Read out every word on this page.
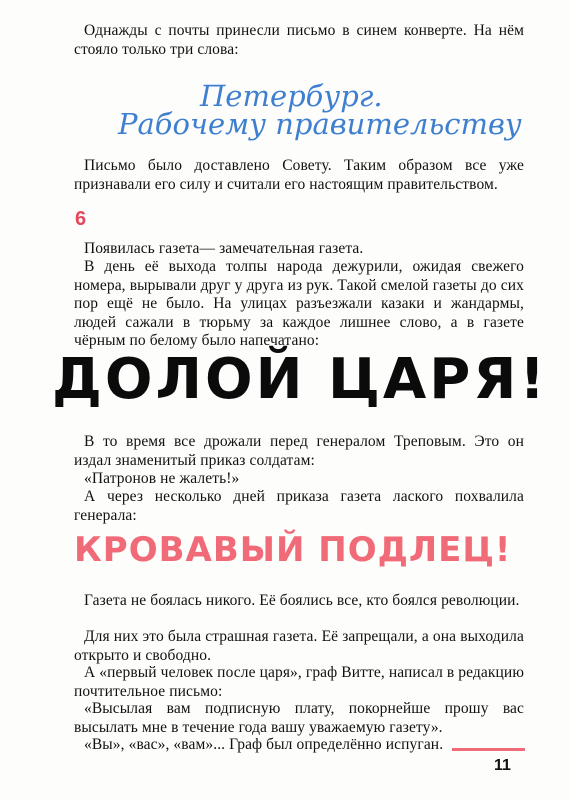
Однажды с почты принесли письмо в синем конверте. На нём стояло только три слова:

Петербург.
Рабочему правительству

Письмо было доставлено Совету. Таким образом все уже признавали его силу и считали его настоящим правительством.

6

Появилась газета— замечательная газета.

В день её выхода толпы народа дежурили, ожидая свежего номера, вырывали друг у друга из рук. Такой смелой газеты до сих пор ещё не было. На улицах разъезжали казаки и жандармы, людей сажали в тюрьму за каждое лишнее слово, а в газете чёрным по белому было напечатано:

ДОЛОЙ ЦАРЯ!

В то время все дрожали перед генералом Треповым. Это он издал знаменитый приказ солдатам:

«Патронов не жалеть!»

А через несколько дней приказа газета лаского похвалила генерала:

КРОВАВЫЙ ПОДЛЕЦ!

Газета не боялась никого. Её боялись все, кто боялся революции.

Для них это была страшная газета. Её запрещали, а она выходила открыто и свободно.

А «первый человек после царя», граф Витте, написал в редакцию почтительное письмо:

«Высылая вам подписную плату, покорнейше прошу вас высылать мне в течение года вашу уважаемую газету».

«Вы», «вас», «вам»... Граф был определённо испуган.

11
